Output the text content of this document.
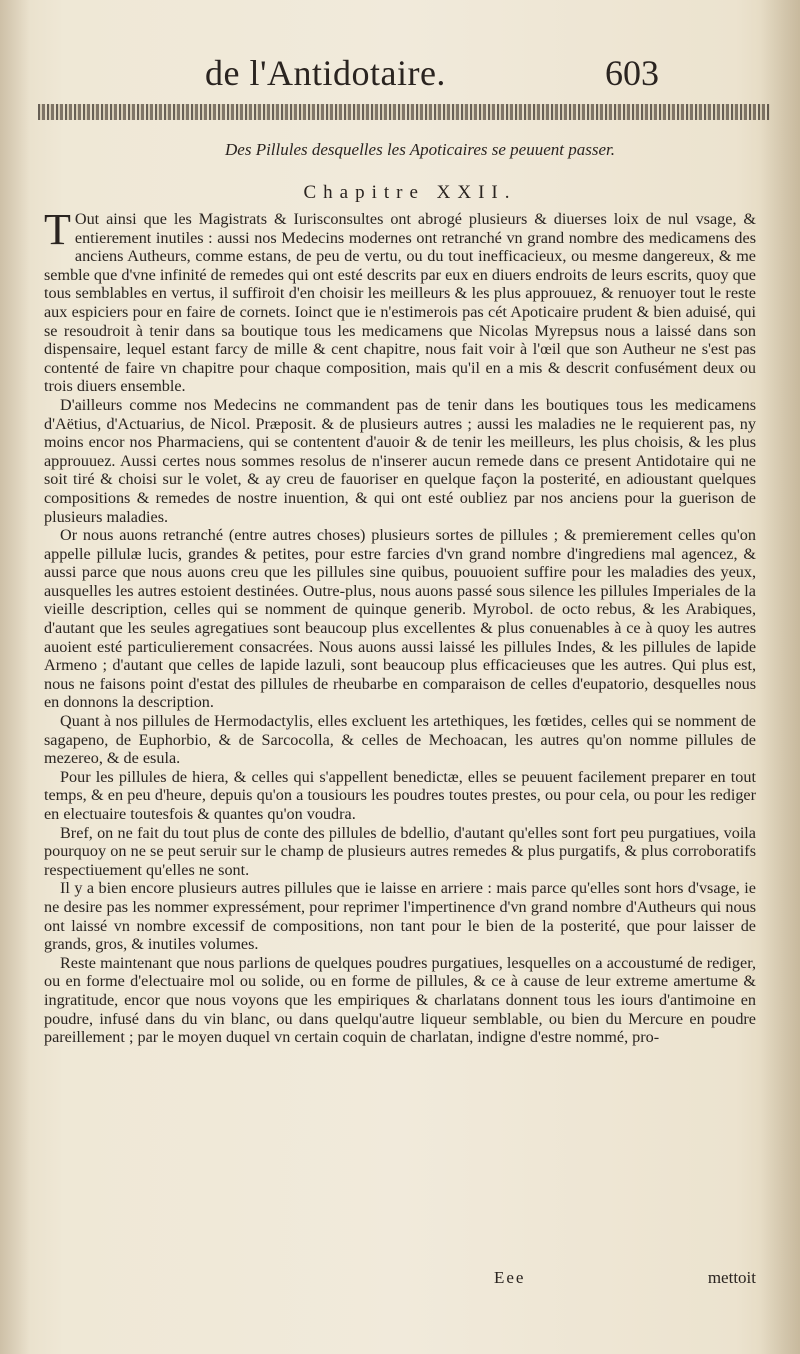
de l'Antidotaire.	603
Des Pillules desquelles les Apoticaires se peuuent passer.
Chapitre XXII.

T Out ainsi que les Magistrats & Iurisconsultes ont abrogé plusieurs & diuerses loix de nul vsage, & entierement inutiles : aussi nos Medecins modernes ont retranché vn grand nombre des medicamens des anciens Autheurs, comme estans, de peu de vertu, ou du tout inefficacieux, ou mesme dangereux, & me semble que d'vne infinité de remedes qui ont esté descrits par eux en diuers endroits de leurs escrits, quoy que tous semblables en vertus, il suffiroit d'en choisir les meilleurs & les plus approuuez, & renuoyer tout le reste aux espiciers pour en faire de cornets. Ioinct que ie n'estimerois pas cét Apoticaire prudent & bien aduisé, qui se resoudroit à tenir dans sa boutique tous les medicamens que Nicolas Myrepsus nous a laissé dans son dispensaire, lequel estant farcy de mille & cent chapitre, nous fait voir à l'œil que son Autheur ne s'est pas contenté de faire vn chapitre pour chaque composition, mais qu'il en a mis & descrit confusément deux ou trois diuers ensemble.

D'ailleurs comme nos Medecins ne commandent pas de tenir dans les boutiques tous les medicamens d'Aëtius, d'Actuarius, de Nicol. Præposit. & de plusieurs autres ; aussi les maladies ne le requierent pas, ny moins encor nos Pharmaciens, qui se contentent d'auoir & de tenir les meilleurs, les plus choisis, & les plus approuuez. Aussi certes nous sommes resolus de n'inserer aucun remede dans ce present Antidotaire qui ne soit tiré & choisi sur le volet, & ay creu de fauoriser en quelque façon la posterité, en adioustant quelques compositions & remedes de nostre inuention, & qui ont esté oubliez par nos anciens pour la guerison de plusieurs maladies.

Or nous auons retranché (entre autres choses) plusieurs sortes de pillules ; & premierement celles qu'on appelle pillulæ lucis, grandes & petites, pour estre farcies d'vn grand nombre d'ingrediens mal agencez, & aussi parce que nous auons creu que les pillules sine quibus, pouuoient suffire pour les maladies des yeux, ausquelles les autres estoient destinées. Outre-plus, nous auons passé sous silence les pillules Imperiales de la vieille description, celles qui se nomment de quinque generib. Myrobol. de octo rebus, & les Arabiques, d'autant que les seules agregatiues sont beaucoup plus excellentes & plus conuenables à ce à quoy les autres auoient esté particulierement consacrées. Nous auons aussi laissé les pillules Indes, & les pillules de lapide Armeno ; d'autant que celles de lapide lazuli, sont beaucoup plus efficacieuses que les autres. Qui plus est, nous ne faisons point d'estat des pillules de rheubarbe en comparaison de celles d'eupatorio, desquelles nous en donnons la description.

Quant à nos pillules de Hermodactylis, elles excluent les artethiques, les fœtides, celles qui se nomment de sagapeno, de Euphorbio, & de Sarcocolla, & celles de Mechoacan, les autres qu'on nomme pillules de mezereo, & de esula.

Pour les pillules de hiera, & celles qui s'appellent benedictæ, elles se peuuent facilement preparer en tout temps, & en peu d'heure, depuis qu'on a tousiours les poudres toutes prestes, ou pour cela, ou pour les rediger en electuaire toutesfois & quantes qu'on voudra.

Bref, on ne fait du tout plus de conte des pillules de bdellio, d'autant qu'elles sont fort peu purgatiues, voila pourquoy on ne se peut seruir sur le champ de plusieurs autres remedes & plus purgatifs, & plus corroboratifs respectiuement qu'elles ne sont.

Il y a bien encore plusieurs autres pillules que ie laisse en arriere : mais parce qu'elles sont hors d'vsage, ie ne desire pas les nommer expressément, pour reprimer l'impertinence d'vn grand nombre d'Autheurs qui nous ont laissé vn nombre excessif de compositions, non tant pour le bien de la posterité, que pour laisser de grands, gros, & inutiles volumes.

Reste maintenant que nous parlions de quelques poudres purgatiues, lesquelles on a accoustumé de rediger, ou en forme d'electuaire mol ou solide, ou en forme de pillules, & ce à cause de leur extreme amertume & ingratitude, encor que nous voyons que les empiriques & charlatans donnent tous les iours d'antimoine en poudre, infusé dans du vin blanc, ou dans quelqu'autre liqueur semblable, ou bien du Mercure en poudre pareillement ; par le moyen duquel vn certain coquin de charlatan, indigne d'estre nommé, pro-

Eee	mettoit
